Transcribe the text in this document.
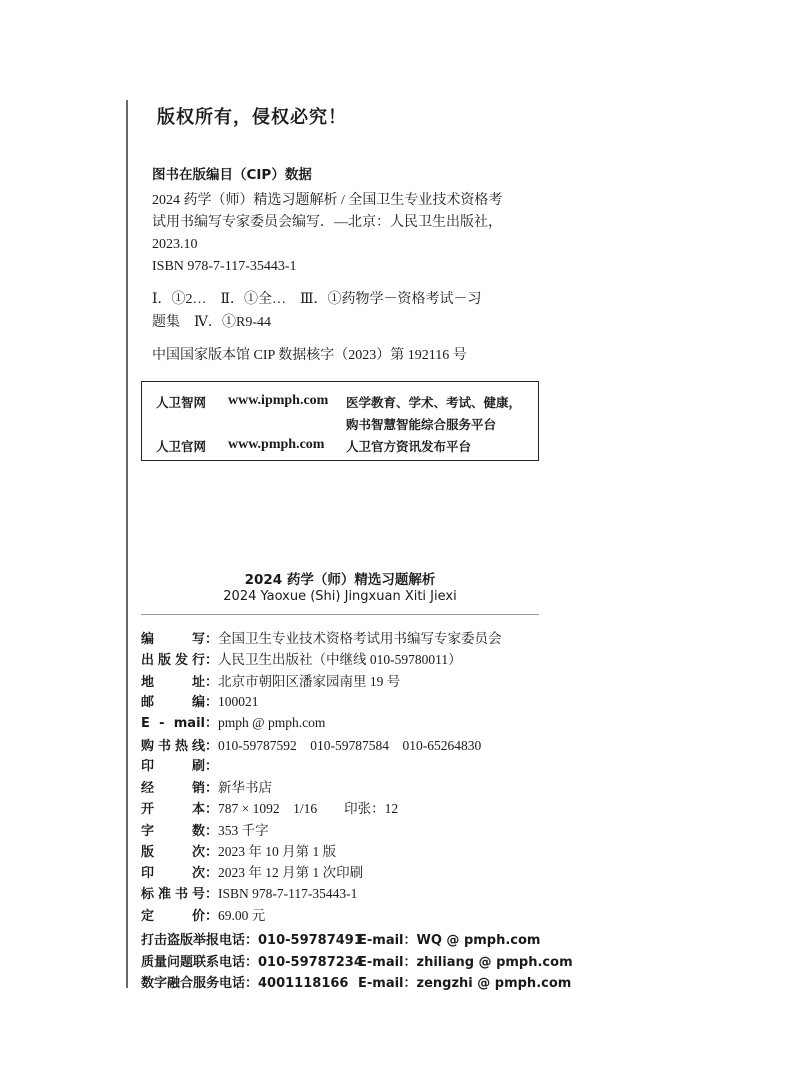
版权所有，侵权必究！
图书在版编目（CIP）数据

2024 药学（师）精选习题解析 / 全国卫生专业技术资格考试用书编写专家委员会编写．—北京：人民卫生出版社，2023.10

ISBN 978-7-117-35443-1
Ⅰ．①2…　Ⅱ．①全…　Ⅲ．①药物学－资格考试－习
题集　Ⅳ．①R9-44
中国国家版本馆 CIP 数据核字（2023）第 192116 号
人卫智网 www.ipmph.com 医学教育、学术、考试、健康，
购书智慧智能综合服务平台
人卫官网 www.pmph.com 人卫官方资讯发布平台
2024 药学（师）精选习题解析
2024 Yaoxue (Shi) Jingxuan Xiti Jiexi
编　　写：全国卫生专业技术资格考试用书编写专家委员会
出版发行：人民卫生出版社（中继线 010-59780011）
地　　址：北京市朝阳区潘家园南里 19 号
邮　　编：100021
E - mail：pmph @ pmph.com
购书热线：010-59787592　010-59787584　010-65264830
印　　刷：
经　　销：新华书店
开　　本：787 × 1092　1/16　　印张：12
字　　数：353 千字
版　　次：2023 年 10 月第 1 版
印　　次：2023 年 12 月第 1 次印刷
标准书号：ISBN 978-7-117-35443-1
定　　价：69.00 元
打击盗版举报电话：010-59787491
E-mail：WQ @ pmph.com
质量问题联系电话：010-59787234
E-mail：zhiliang @ pmph.com
数字融合服务电话：4001118166 E-mail：zengzhi @ pmph.com
